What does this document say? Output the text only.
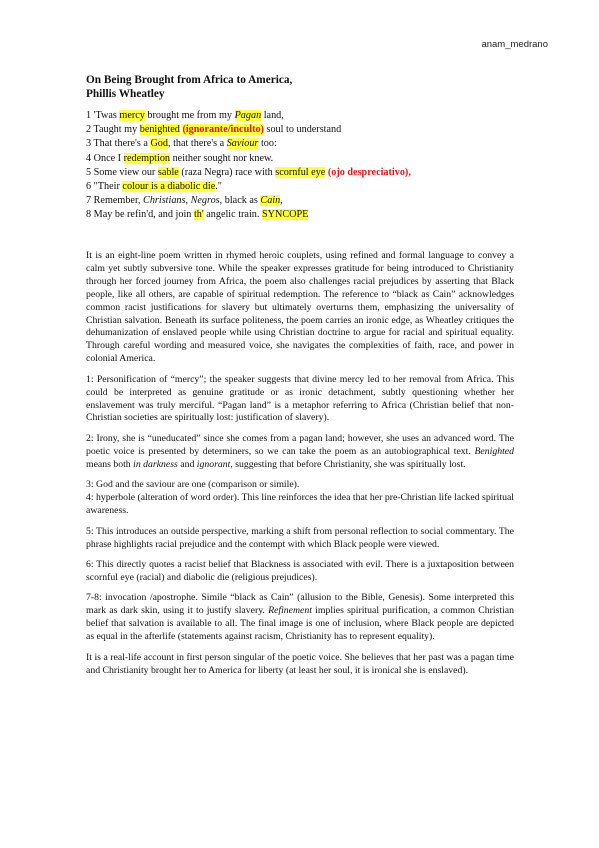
anam_medrano
On Being Brought from Africa to America,
Phillis Wheatley
1 'Twas mercy brought me from my Pagan land,
2 Taught my benighted (ignorante/inculto) soul to understand
3 That there's a God, that there's a Saviour too:
4 Once I redemption neither sought nor knew.
5 Some view our sable (raza Negra) race with scornful eye (ojo despreciativo),
6 "Their colour is a diabolic die."
7 Remember, Christians, Negros, black as Cain,
8 May be refin'd, and join th' angelic train. SYNCOPE

It is an eight-line poem written in rhymed heroic couplets, using refined and formal language to convey a calm yet subtly subversive tone. While the speaker expresses gratitude for being introduced to Christianity through her forced journey from Africa, the poem also challenges racial prejudices by asserting that Black people, like all others, are capable of spiritual redemption. The reference to “black as Cain” acknowledges common racist justifications for slavery but ultimately overturns them, emphasizing the universality of Christian salvation. Beneath its surface politeness, the poem carries an ironic edge, as Wheatley critiques the dehumanization of enslaved people while using Christian doctrine to argue for racial and spiritual equality. Through careful wording and measured voice, she navigates the complexities of faith, race, and power in colonial America.

1: Personification of “mercy”; the speaker suggests that divine mercy led to her removal from Africa. This could be interpreted as genuine gratitude or as ironic detachment, subtly questioning whether her enslavement was truly merciful. “Pagan land” is a metaphor referring to Africa (Christian belief that non-Christian societies are spiritually lost: justification of slavery).

2: Irony, she is “uneducated” since she comes from a pagan land; however, she uses an advanced word. The poetic voice is presented by determiners, so we can take the poem as an autobiographical text. Benighted means both in darkness and ignorant, suggesting that before Christianity, she was spiritually lost.

3: God and the saviour are one (comparison or simile).

4: hyperbole (alteration of word order). This line reinforces the idea that her pre-Christian life lacked spiritual awareness.

5: This introduces an outside perspective, marking a shift from personal reflection to social commentary. The phrase highlights racial prejudice and the contempt with which Black people were viewed.

6: This directly quotes a racist belief that Blackness is associated with evil. There is a juxtaposition between scornful eye (racial) and diabolic die (religious prejudices).

7-8: invocation /apostrophe. Simile “black as Cain” (allusion to the Bible, Genesis). Some interpreted this mark as dark skin, using it to justify slavery. Refinement implies spiritual purification, a common Christian belief that salvation is available to all. The final image is one of inclusion, where Black people are depicted as equal in the afterlife (statements against racism, Christianity has to represent equality).

It is a real-life account in first person singular of the poetic voice. She believes that her past was a pagan time and Christianity brought her to America for liberty (at least her soul, it is ironical she is enslaved).
